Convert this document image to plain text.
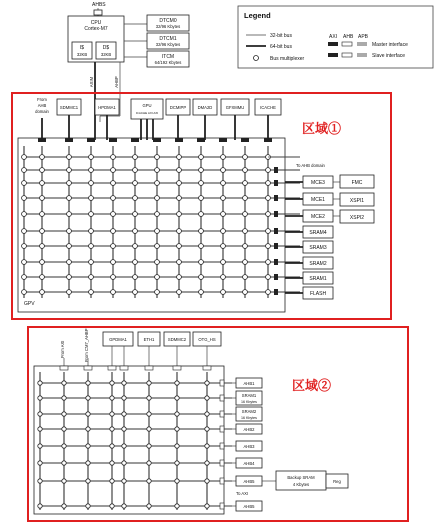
AHBS
CPU
Cortex-M7
I$
32KB
D$
32KB
AXIM	AHBP
DTCM0
32/96 Kbytes
DTCM1
32/96 Kbytes
ITCM
64/192 Kbytes
Legend
32-bit bus
64-bit bus
Bus multiplexer
AXI AHB APB
Master interface
Slave interface
区域①
From
AHB
domain
SDMMC1	HPDMA1	GPU
ICACHE AXI AXI
DCMIPP	DMA2D	GFXMMU	ICACHE
To AHB domain
GPV
MCE3
MCE1
MCE2
SRAM4
SRAM3
SRAM2
SRAM1
FLASH
FMC
XSPI1
XSPI2
区域②
From AXI	From CM7_AHBP	GPDMA1	ETH1	SDMMC2	OTG_HS
AHB1
SRAM1
16 Kbytes
SRAM2
16 Kbytes
AHB2
AHB3
AHB4
AHB5
AHB5
Backup SRAM
4 Kbytes
Reg
To AXI
